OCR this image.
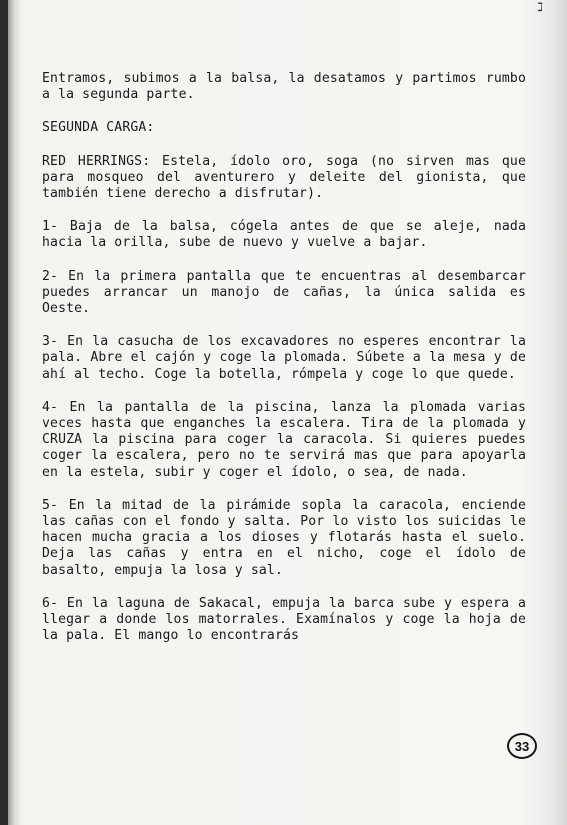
ℷ

Entramos, subimos a la balsa, la desatamos y partimos rumbo a la segunda parte.

SEGUNDA CARGA:

RED HERRINGS: Estela, ídolo oro, soga (no sirven mas que para mosqueo del aventurero y deleite del gionista, que también tiene derecho a disfrutar).

1- Baja de la balsa, cógela antes de que se aleje, nada hacia la orilla, sube de nuevo y vuelve a bajar.

2- En la primera pantalla que te encuentras al desembarcar puedes arrancar un manojo de cañas, la única salida es Oeste.

3- En la casucha de los excavadores no esperes encontrar la pala. Abre el cajón y coge la plomada. Súbete a la mesa y de ahí al techo. Coge la botella, rómpela y coge lo que quede.

4- En la pantalla de la piscina, lanza la plomada varias veces hasta que enganches la escalera. Tira de la plomada y CRUZA la piscina para coger la caracola. Si quieres puedes coger la escalera, pero no te servirá mas que para apoyarla en la estela, subir y coger el ídolo, o sea, de nada.

5- En la mitad de la pirámide sopla la caracola, enciende las cañas con el fondo y salta. Por lo visto los suicidas le hacen mucha gracia a los dioses y flotarás hasta el suelo. Deja las cañas y entra en el nicho, coge el ídolo de basalto, empuja la losa y sal.

6- En la laguna de Sakacal, empuja la barca sube y espera a llegar a donde los matorrales. Examínalos y coge la hoja de la pala. El mango lo encontrarás

33
